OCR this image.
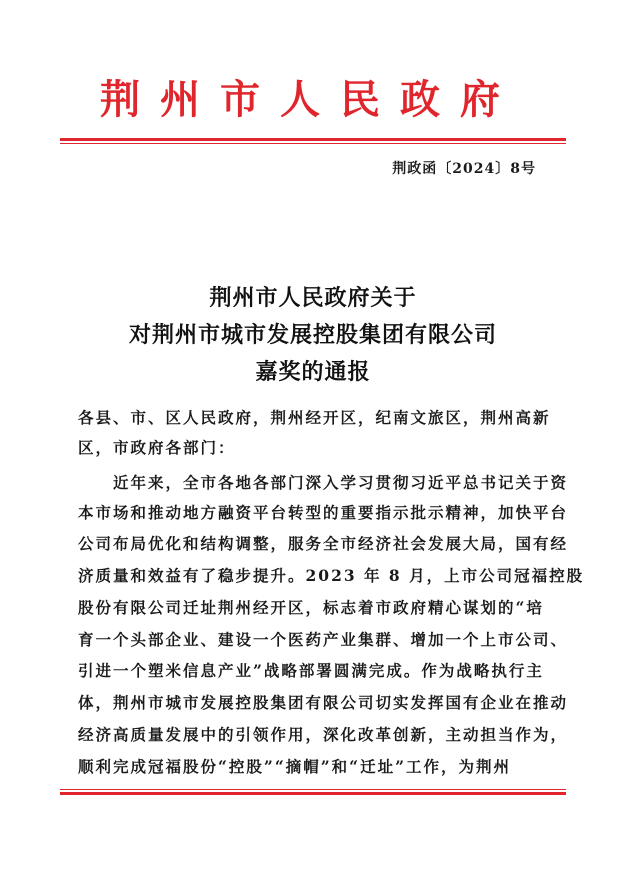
荆州市人民政府
荆政函〔2024〕8号
荆州市人民政府关于
对荆州市城市发展控股集团有限公司
嘉奖的通报
各县、市、区人民政府，荆州经开区，纪南文旅区，荆州高新
区，市政府各部门：
　　近年来，全市各地各部门深入学习贯彻习近平总书记关于资
本市场和推动地方融资平台转型的重要指示批示精神，加快平台
公司布局优化和结构调整，服务全市经济社会发展大局，国有经
济质量和效益有了稳步提升。2023 年 8 月，上市公司冠福控股
股份有限公司迁址荆州经开区，标志着市政府精心谋划的“培
育一个头部企业、建设一个医药产业集群、增加一个上市公司、
引进一个塑米信息产业”战略部署圆满完成。作为战略执行主
体，荆州市城市发展控股集团有限公司切实发挥国有企业在推动
经济高质量发展中的引领作用，深化改革创新，主动担当作为，
顺利完成冠福股份“控股”“摘帽”和“迁址”工作，为荆州
